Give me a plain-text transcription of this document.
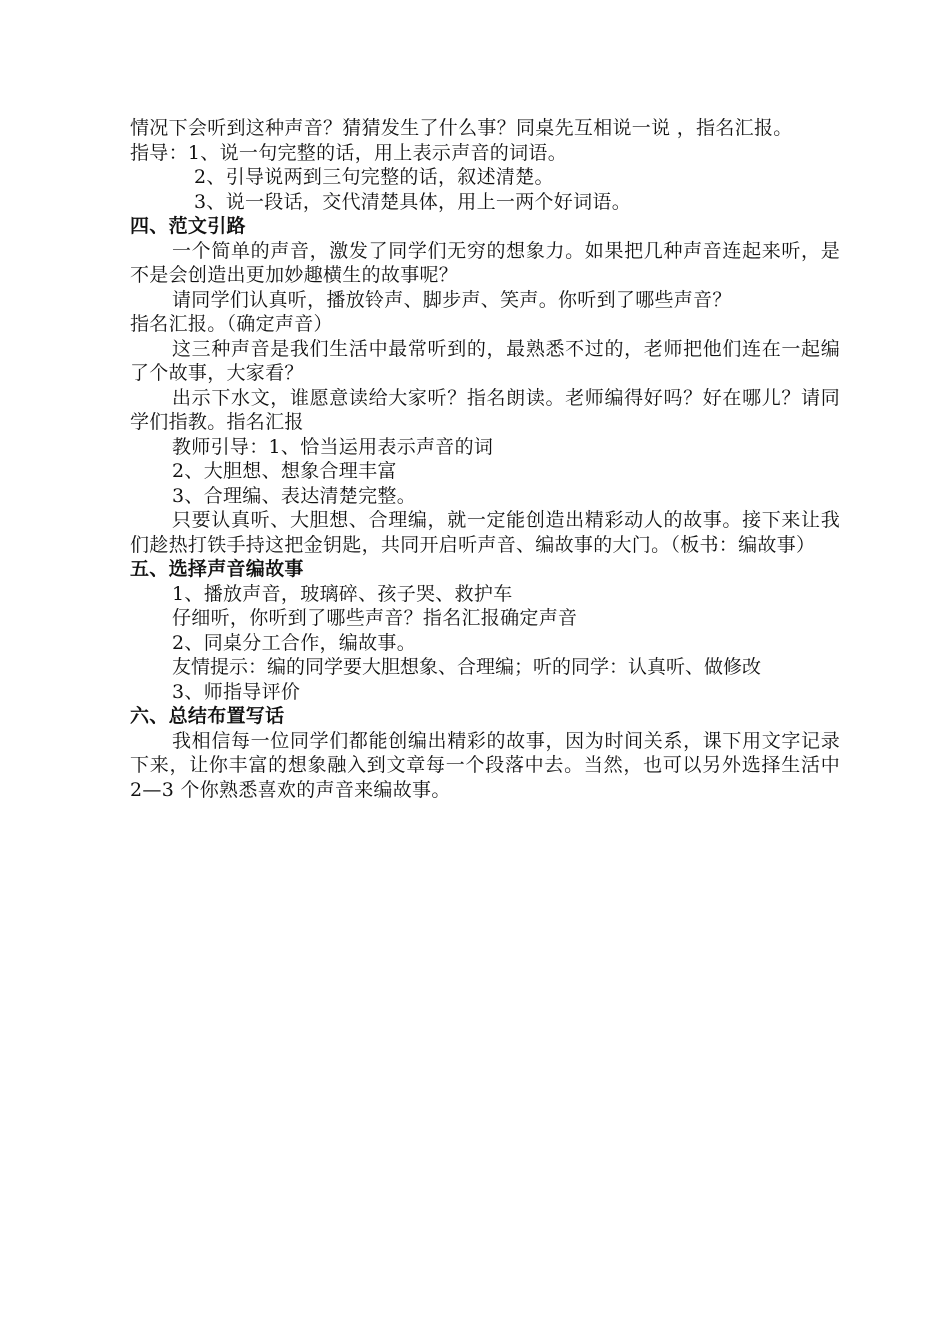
情况下会听到这种声音？猜猜发生了什么事？同桌先互相说一说 ，指名汇报。

指导：1、说一句完整的话，用上表示声音的词语。

2、引导说两到三句完整的话，叙述清楚。

3、说一段话，交代清楚具体，用上一两个好词语。

四、范文引路

一个简单的声音，激发了同学们无穷的想象力。如果把几种声音连起来听，是不是会创造出更加妙趣横生的故事呢？

请同学们认真听，播放铃声、脚步声、笑声。你听到了哪些声音？

指名汇报。（确定声音）

这三种声音是我们生活中最常听到的，最熟悉不过的，老师把他们连在一起编了个故事，大家看？

出示下水文，谁愿意读给大家听？指名朗读。老师编得好吗？好在哪儿？请同学们指教。指名汇报

教师引导：1、恰当运用表示声音的词

2、大胆想、想象合理丰富

3、合理编、表达清楚完整。

只要认真听、大胆想、合理编，就一定能创造出精彩动人的故事。接下来让我们趁热打铁手持这把金钥匙，共同开启听声音、编故事的大门。（板书：编故事）

五、选择声音编故事

1、播放声音，玻璃碎、孩子哭、救护车

仔细听，你听到了哪些声音？指名汇报确定声音

2、同桌分工合作，编故事。

友情提示：编的同学要大胆想象、合理编；听的同学：认真听、做修改

3、师指导评价

六、总结布置写话

我相信每一位同学们都能创编出精彩的故事，因为时间关系，课下用文字记录下来，让你丰富的想象融入到文章每一个段落中去。当然，也可以另外选择生活中 2—3 个你熟悉喜欢的声音来编故事。
